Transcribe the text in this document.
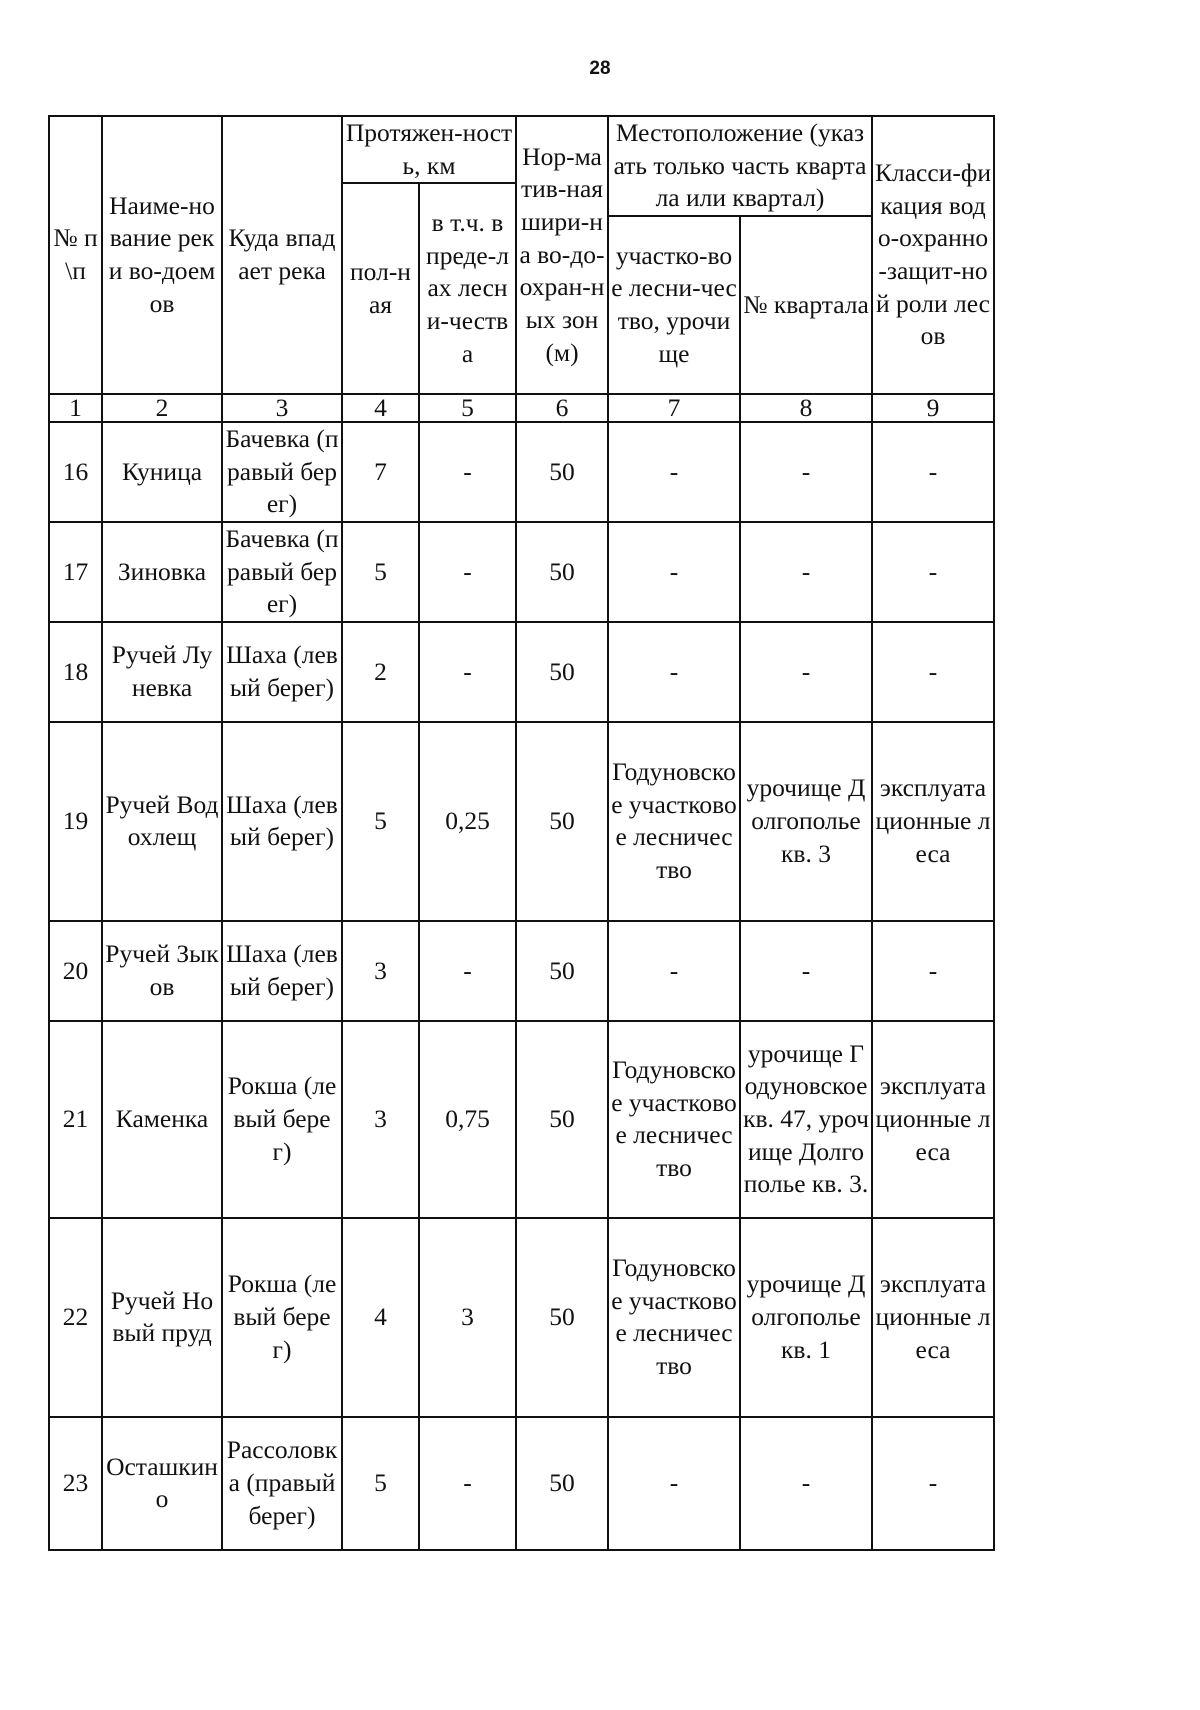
28
№ п\п	Наиме-нование рек и во-доемов	Куда впадает река	Протяжен-ность, км		Нор-матив-ная шири-на во-до-охран-ных зон (м)	Местоположение (указать только часть квартала или квартал)		Класси-фикация водо-охранно-защит-ной роли лесов
			пол-ная	в т.ч. в преде-лах лесни-чества				
						участко-вое лесни-чество, урочище	№ квартала	
1	2	3	4	5	6	7	8	9
16	Куница	Бачевка (правый берег)	7	-	50	-	-	-
17	Зиновка	Бачевка (правый берег)	5	-	50	-	-	-
18	Ручей Луневка	Шаха (левый берег)	2	-	50	-	-	-
19	Ручей Водохлещ	Шаха (левый берег)	5	0,25	50	Годуновское участковое лесничество	урочище Долгополье кв. 3	эксплуатационные леса
20	Ручей Зыков	Шаха (левый берег)	3	-	50	-	-	-
21	Каменка	Рокша (левый берег)	3	0,75	50	Годуновское участковое лесничество	урочище Годуновское кв. 47, урочище Долгополье кв. 3.	эксплуатационные леса
22	Ручей Новый пруд	Рокша (левый берег)	4	3	50	Годуновское участковое лесничество	урочище Долгополье кв. 1	эксплуатационные леса
23	Осташкино	Рассоловка (правый берег)	5	-	50	-	-	-
